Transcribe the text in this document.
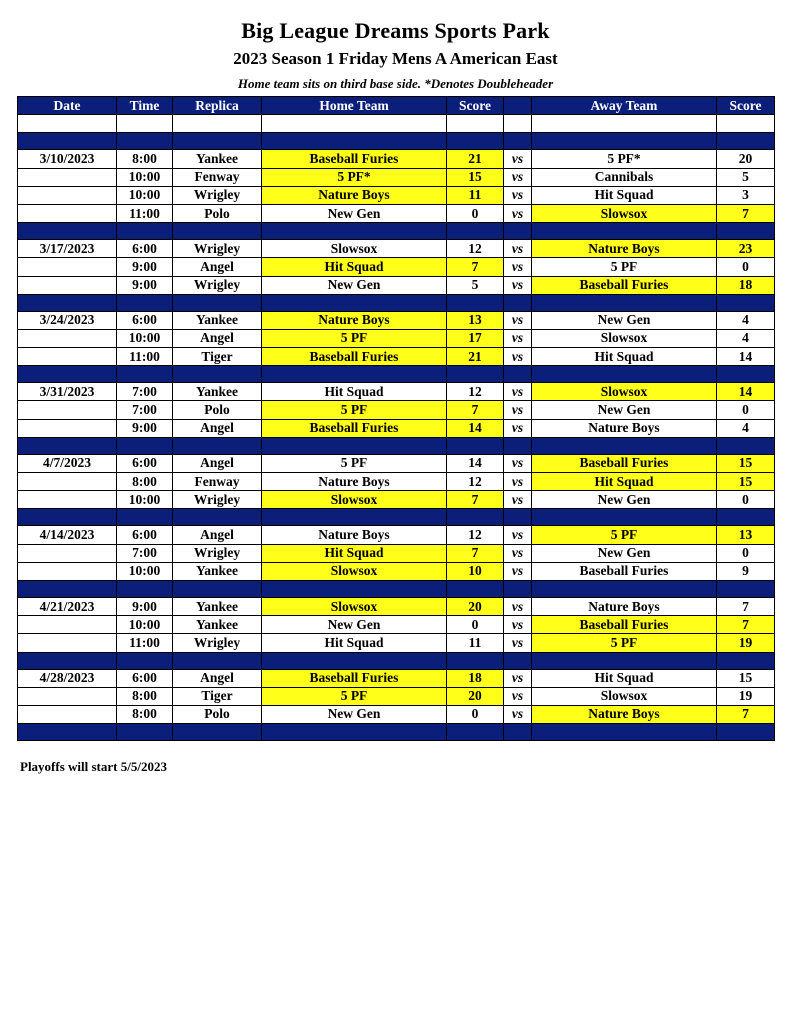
Big League Dreams Sports Park
2023 Season 1 Friday Mens A American East
Home team sits on third base side. *Denotes Doubleheader
Date	Time	Replica	Home Team	Score		Away Team	Score

3/10/2023	8:00	Yankee	Baseball Furies	21	vs	5 PF*	20
	10:00	Fenway	5 PF*	15	vs	Cannibals	5
	10:00	Wrigley	Nature Boys	11	vs	Hit Squad	3
	11:00	Polo	New Gen	0	vs	Slowsox	7

3/17/2023	6:00	Wrigley	Slowsox	12	vs	Nature Boys	23
	9:00	Angel	Hit Squad	7	vs	5 PF	0
	9:00	Wrigley	New Gen	5	vs	Baseball Furies	18

3/24/2023	6:00	Yankee	Nature Boys	13	vs	New Gen	4
	10:00	Angel	5 PF	17	vs	Slowsox	4
	11:00	Tiger	Baseball Furies	21	vs	Hit Squad	14

3/31/2023	7:00	Yankee	Hit Squad	12	vs	Slowsox	14
	7:00	Polo	5 PF	7	vs	New Gen	0
	9:00	Angel	Baseball Furies	14	vs	Nature Boys	4

4/7/2023	6:00	Angel	5 PF	14	vs	Baseball Furies	15
	8:00	Fenway	Nature Boys	12	vs	Hit Squad	15
	10:00	Wrigley	Slowsox	7	vs	New Gen	0

4/14/2023	6:00	Angel	Nature Boys	12	vs	5 PF	13
	7:00	Wrigley	Hit Squad	7	vs	New Gen	0
	10:00	Yankee	Slowsox	10	vs	Baseball Furies	9

4/21/2023	9:00	Yankee	Slowsox	20	vs	Nature Boys	7
	10:00	Yankee	New Gen	0	vs	Baseball Furies	7
	11:00	Wrigley	Hit Squad	11	vs	5 PF	19

4/28/2023	6:00	Angel	Baseball Furies	18	vs	Hit Squad	15
	8:00	Tiger	5 PF	20	vs	Slowsox	19
	8:00	Polo	New Gen	0	vs	Nature Boys	7

Playoffs will start 5/5/2023
